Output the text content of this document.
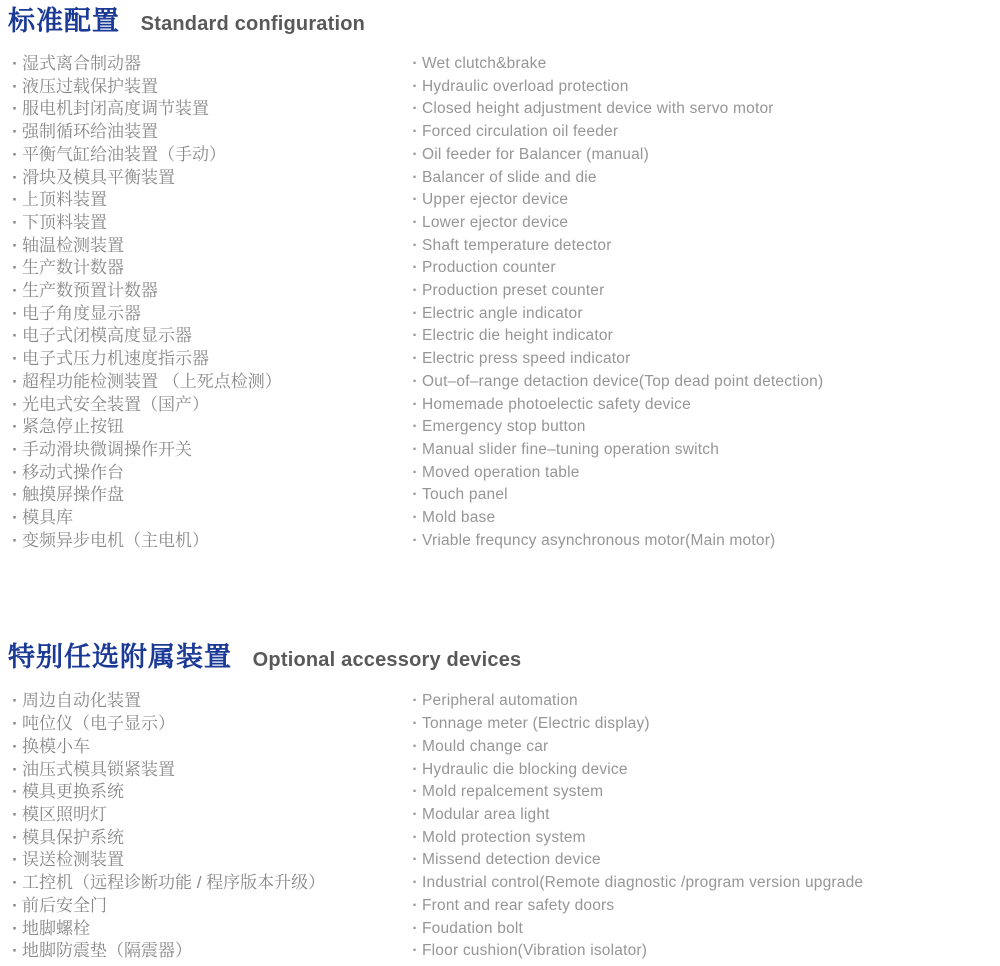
标准配置 Standard configuration
· 湿式离合制动器
· 液压过载保护装置
· 服电机封闭高度调节装置
· 强制循环给油装置
· 平衡气缸给油装置（手动）
· 滑块及模具平衡装置
· 上顶料装置
· 下顶料装置
· 轴温检测装置
· 生产数计数器
· 生产数预置计数器
· 电子角度显示器
· 电子式闭模高度显示器
· 电子式压力机速度指示器
· 超程功能检测装置 （上死点检测）
· 光电式安全装置（国产）
· 紧急停止按钮
· 手动滑块微调操作开关
· 移动式操作台
· 触摸屏操作盘
· 模具库
· 变频异步电机（主电机）
· Wet clutch&brake
· Hydraulic overload protection
· Closed height adjustment device with servo motor
· Forced circulation oil feeder
· Oil feeder for Balancer (manual)
· Balancer of slide and die
· Upper ejector device
· Lower ejector device
· Shaft temperature detector
· Production counter
· Production preset counter
· Electric angle indicator
· Electric die height indicator
· Electric press speed indicator
· Out–of–range detaction device(Top dead point detection)
· Homemade photoelectic safety device
· Emergency stop button
· Manual slider fine–tuning operation switch
· Moved operation table
· Touch panel
· Mold base
· Vriable frequncy asynchronous motor(Main motor)
特别任选附属装置 Optional accessory devices
· 周边自动化装置
· 吨位仪（电子显示）
· 换模小车
· 油压式模具锁紧装置
· 模具更换系统
· 模区照明灯
· 模具保护系统
· 误送检测装置
· 工控机（远程诊断功能 / 程序版本升级）
· 前后安全门
· 地脚螺栓
· 地脚防震垫（隔震器）
· Peripheral automation
· Tonnage meter (Electric display)
· Mould change car
· Hydraulic die blocking device
· Mold repalcement system
· Modular area light
· Mold protection system
· Missend detection device
· Industrial control(Remote diagnostic /program version upgrade
· Front and rear safety doors
· Foudation bolt
· Floor cushion(Vibration isolator)
